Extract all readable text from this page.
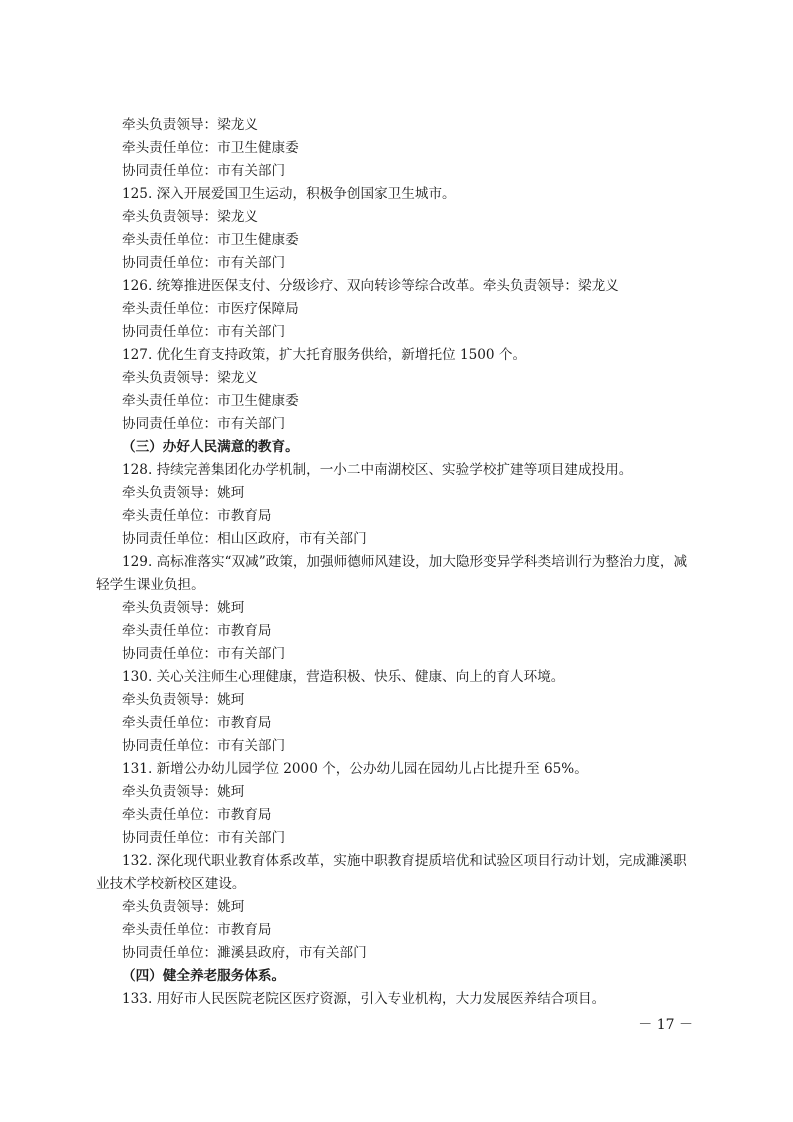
牵头负责领导：梁龙义
牵头责任单位：市卫生健康委
协同责任单位：市有关部门
125. 深入开展爱国卫生运动，积极争创国家卫生城市。
牵头负责领导：梁龙义
牵头责任单位：市卫生健康委
协同责任单位：市有关部门
126. 统筹推进医保支付、分级诊疗、双向转诊等综合改革。牵头负责领导：梁龙义
牵头责任单位：市医疗保障局
协同责任单位：市有关部门
127. 优化生育支持政策，扩大托育服务供给，新增托位 1500 个。
牵头负责领导：梁龙义
牵头责任单位：市卫生健康委
协同责任单位：市有关部门
（三）办好人民满意的教育。
128. 持续完善集团化办学机制，一小二中南湖校区、实验学校扩建等项目建成投用。
牵头负责领导：姚珂
牵头责任单位：市教育局
协同责任单位：相山区政府，市有关部门
129. 高标准落实“双减”政策，加强师德师风建设，加大隐形变异学科类培训行为整治力度，减轻学生课业负担。
牵头负责领导：姚珂
牵头责任单位：市教育局
协同责任单位：市有关部门
130. 关心关注师生心理健康，营造积极、快乐、健康、向上的育人环境。
牵头负责领导：姚珂
牵头责任单位：市教育局
协同责任单位：市有关部门
131. 新增公办幼儿园学位 2000 个，公办幼儿园在园幼儿占比提升至 65%。
牵头负责领导：姚珂
牵头责任单位：市教育局
协同责任单位：市有关部门
132. 深化现代职业教育体系改革，实施中职教育提质培优和试验区项目行动计划，完成濉溪职业技术学校新校区建设。
牵头负责领导：姚珂
牵头责任单位：市教育局
协同责任单位：濉溪县政府，市有关部门
（四）健全养老服务体系。
133. 用好市人民医院老院区医疗资源，引入专业机构，大力发展医养结合项目。
－ 17 －
